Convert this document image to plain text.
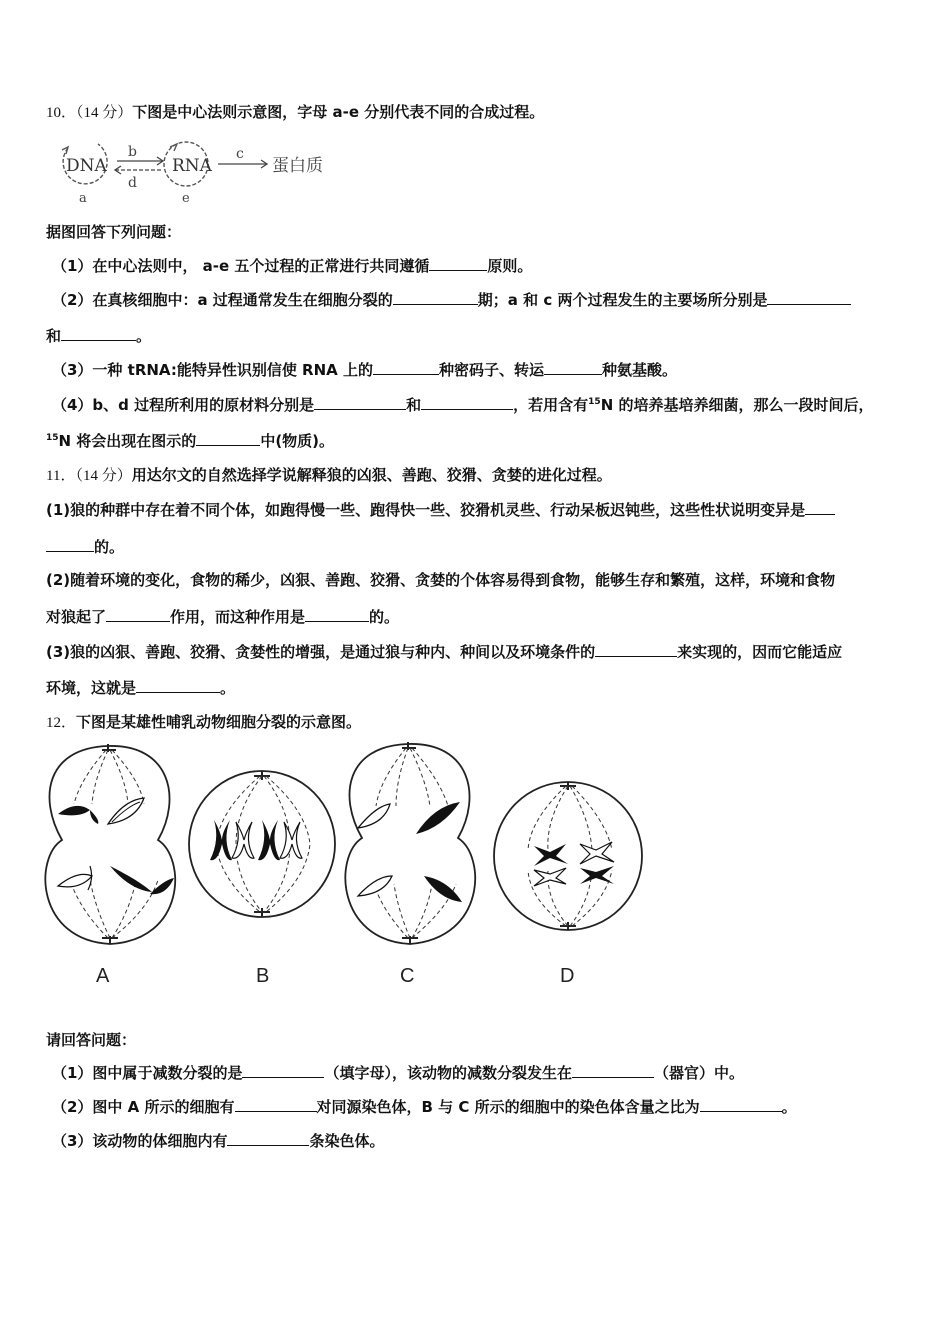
10．（14 分）下图是中心法则示意图，字母 a-e 分别代表不同的合成过程。
DNA
a
b
d
RNA
e
c
蛋白质
据图回答下列问题：
（1）在中心法则中， a-e 五个过程的正常进行共同遵循	原则。
（2）在真核细胞中：a 过程通常发生在细胞分裂的	期；a 和 c 两个过程发生的主要场所分别是
和	。
（3）一种 tRNA:能特异性识别信使 RNA 上的	种密码子、转运	种氨基酸。
（4）b、d 过程所利用的原材料分别是	和	，若用含有$^{15}$N 的培养基培养细菌，那么一段时间后，
$^{15}$N 将会出现在图示的	中(物质)。
11．（14 分）用达尔文的自然选择学说解释狼的凶狠、善跑、狡猾、贪婪的进化过程。
(1)狼的种群中存在着不同个体，如跑得慢一些、跑得快一些、狡猾机灵些、行动呆板迟钝些，这些性状说明变异是
的。
(2)随着环境的变化，食物的稀少，凶狠、善跑、狡猾、贪婪的个体容易得到食物，能够生存和繁殖，这样，环境和食物
对狼起了	作用，而这种作用是	的。
(3)狼的凶狠、善跑、狡猾、贪婪性的增强，是通过狼与种内、种间以及环境条件的	来实现的，因而它能适应
环境，这就是	。
12．下图是某雄性哺乳动物细胞分裂的示意图。
A	B	C	D
请回答问题：
（1）图中属于减数分裂的是	（填字母），该动物的减数分裂发生在	（器官）中。
（2）图中 A 所示的细胞有	对同源染色体，B 与 C 所示的细胞中的染色体含量之比为	。
（3）该动物的体细胞内有	条染色体。
